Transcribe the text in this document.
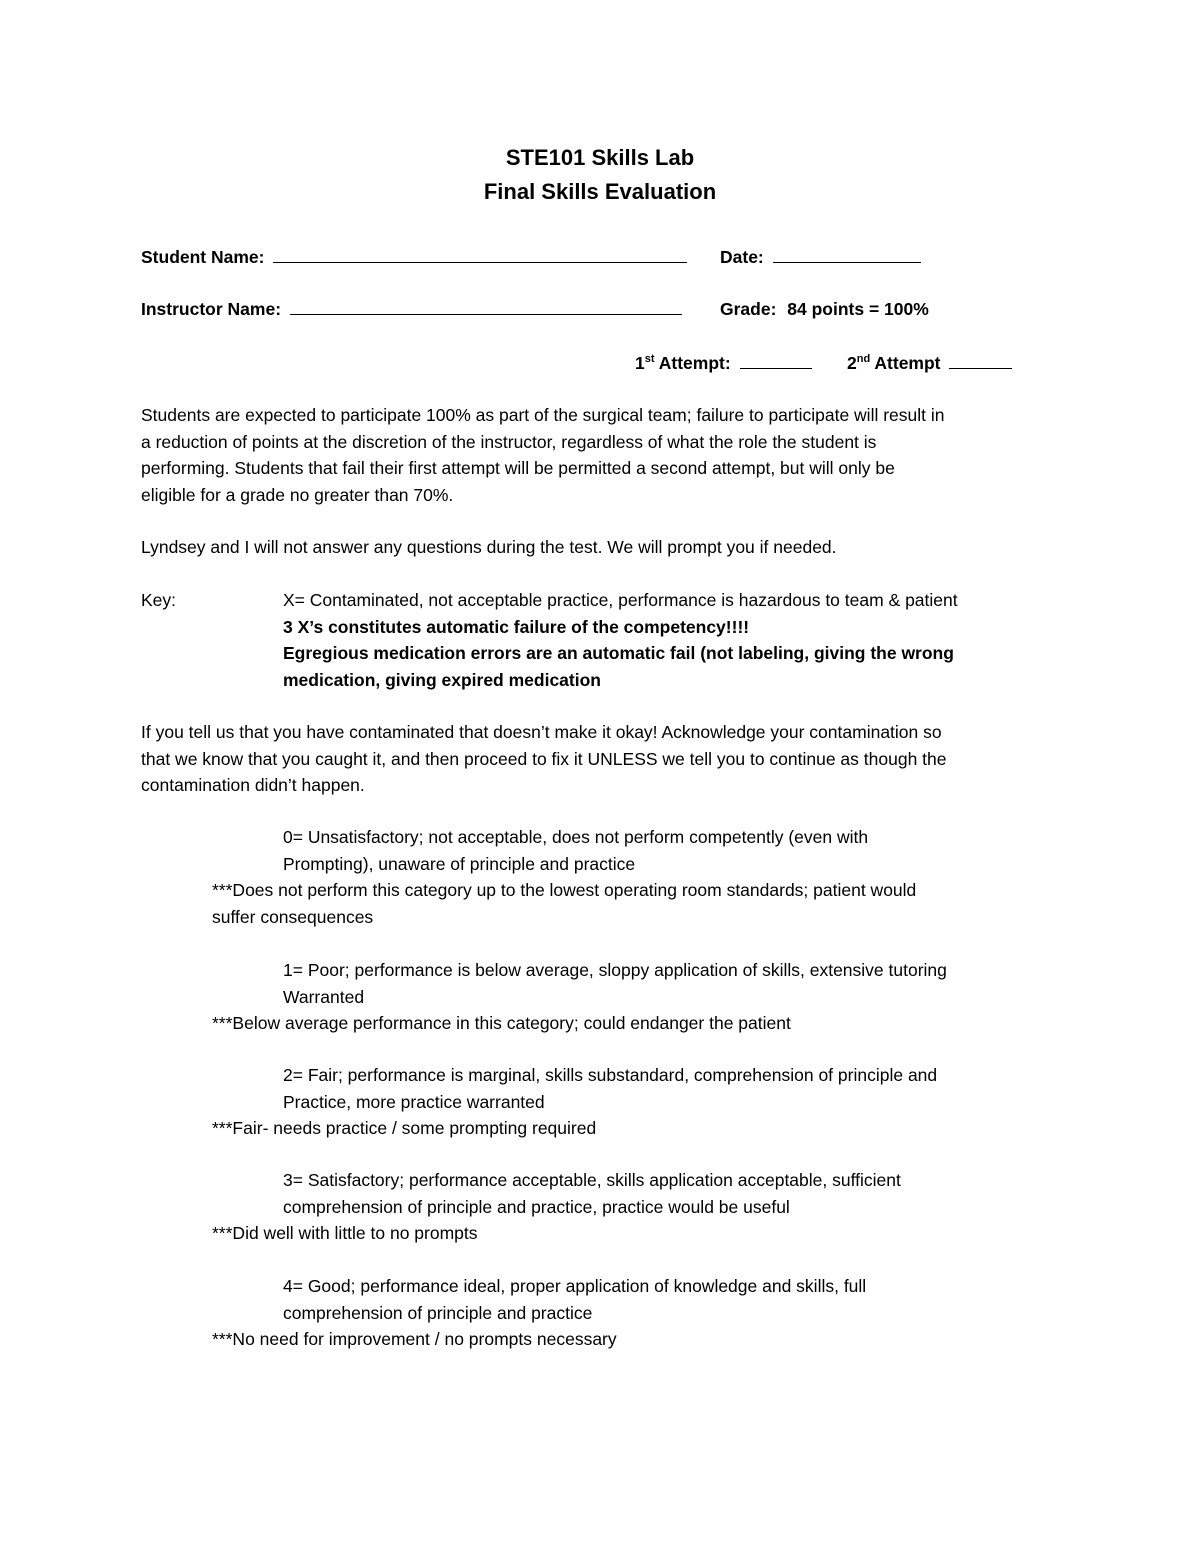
STE101 Skills Lab
Final Skills Evaluation
Student Name:	Date:
Instructor Name:	Grade: 84 points = 100%
1st Attempt:	2nd Attempt
Students are expected to participate 100% as part of the surgical team; failure to participate will result in
a reduction of points at the discretion of the instructor, regardless of what the role the student is
performing. Students that fail their first attempt will be permitted a second attempt, but will only be
eligible for a grade no greater than 70%.
Lyndsey and I will not answer any questions during the test. We will prompt you if needed.
Key:	X= Contaminated, not acceptable practice, performance is hazardous to team & patient
3 X’s constitutes automatic failure of the competency!!!!
Egregious medication errors are an automatic fail (not labeling, giving the wrong
medication, giving expired medication
If you tell us that you have contaminated that doesn’t make it okay! Acknowledge your contamination so
that we know that you caught it, and then proceed to fix it UNLESS we tell you to continue as though the
contamination didn’t happen.
0= Unsatisfactory; not acceptable, does not perform competently (even with
Prompting), unaware of principle and practice
***Does not perform this category up to the lowest operating room standards; patient would
suffer consequences
1= Poor; performance is below average, sloppy application of skills, extensive tutoring
Warranted
***Below average performance in this category; could endanger the patient
2= Fair; performance is marginal, skills substandard, comprehension of principle and
Practice, more practice warranted
***Fair- needs practice / some prompting required
3= Satisfactory; performance acceptable, skills application acceptable, sufficient
comprehension of principle and practice, practice would be useful
***Did well with little to no prompts
4= Good; performance ideal, proper application of knowledge and skills, full
comprehension of principle and practice
***No need for improvement / no prompts necessary
